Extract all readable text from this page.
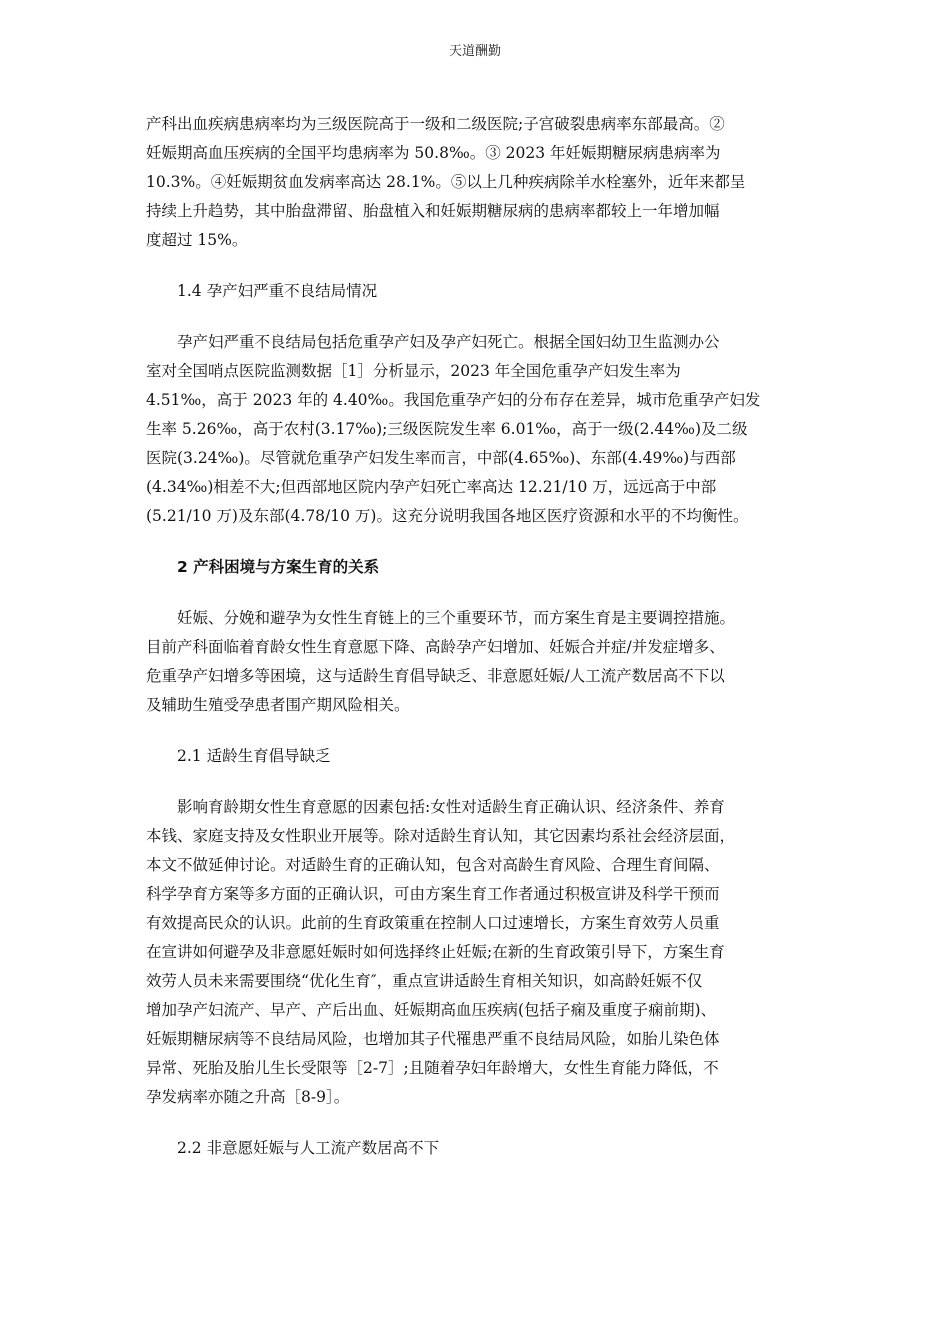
天道酬勤
产科出血疾病患病率均为三级医院高于一级和二级医院;子宫破裂患病率东部最高。②
妊娠期高血压疾病的全国平均患病率为 50.8‰。③ 2023 年妊娠期糖尿病患病率为
10.3%。④妊娠期贫血发病率高达 28.1%。⑤以上几种疾病除羊水栓塞外，近年来都呈
持续上升趋势，其中胎盘滞留、胎盘植入和妊娠期糖尿病的患病率都较上一年增加幅
度超过 15%。
1.4 孕产妇严重不良结局情况
　　孕产妇严重不良结局包括危重孕产妇及孕产妇死亡。根据全国妇幼卫生监测办公
室对全国哨点医院监测数据［1］分析显示，2023 年全国危重孕产妇发生率为
4.51‰，高于 2023 年的 4.40‰。我国危重孕产妇的分布存在差异，城市危重孕产妇发
生率 5.26‰，高于农村(3.17‰);三级医院发生率 6.01‰，高于一级(2.44‰)及二级
医院(3.24‰)。尽管就危重孕产妇发生率而言，中部(4.65‰)、东部(4.49‰)与西部
(4.34‰)相差不大;但西部地区院内孕产妇死亡率高达 12.21/10 万，远远高于中部
(5.21/10 万)及东部(4.78/10 万)。这充分说明我国各地区医疗资源和水平的不均衡性。
2 产科困境与方案生育的关系
　　妊娠、分娩和避孕为女性生育链上的三个重要环节，而方案生育是主要调控措施。
目前产科面临着育龄女性生育意愿下降、高龄孕产妇增加、妊娠合并症/并发症增多、
危重孕产妇增多等困境，这与适龄生育倡导缺乏、非意愿妊娠/人工流产数居高不下以
及辅助生殖受孕患者围产期风险相关。
2.1 适龄生育倡导缺乏
　　影响育龄期女性生育意愿的因素包括:女性对适龄生育正确认识、经济条件、养育
本钱、家庭支持及女性职业开展等。除对适龄生育认知，其它因素均系社会经济层面，
本文不做延伸讨论。对适龄生育的正确认知，包含对高龄生育风险、合理生育间隔、
科学孕育方案等多方面的正确认识，可由方案生育工作者通过积极宣讲及科学干预而
有效提高民众的认识。此前的生育政策重在控制人口过速增长，方案生育效劳人员重
在宣讲如何避孕及非意愿妊娠时如何选择终止妊娠;在新的生育政策引导下，方案生育
效劳人员未来需要围绕“优化生育″，重点宣讲适龄生育相关知识，如高龄妊娠不仅
增加孕产妇流产、早产、产后出血、妊娠期高血压疾病(包括子痫及重度子痫前期)、
妊娠期糖尿病等不良结局风险，也增加其子代罹患严重不良结局风险，如胎儿染色体
异常、死胎及胎儿生长受限等［2-7］;且随着孕妇年龄增大，女性生育能力降低，不
孕发病率亦随之升高［8-9］。
2.2 非意愿妊娠与人工流产数居高不下
